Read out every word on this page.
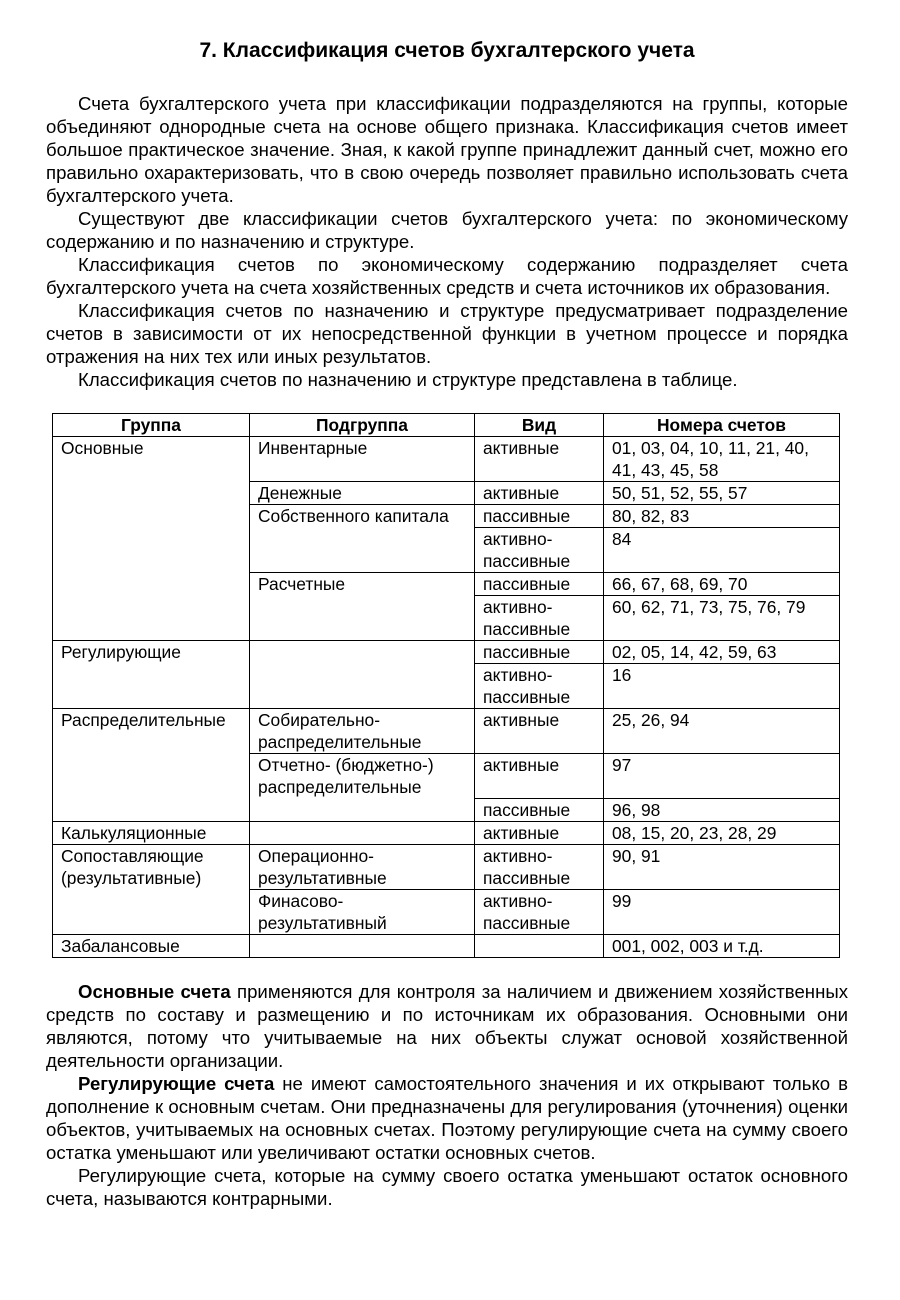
7. Классификация счетов бухгалтерского учета

Счета бухгалтерского учета при классификации подразделяются на группы, которые объединяют однородные счета на основе общего признака. Классификация счетов имеет большое практическое значение. Зная, к какой группе принадлежит данный счет, можно его правильно охарактеризовать, что в свою очередь позволяет правильно использовать счета бухгалтерского учета.

Существуют две классификации счетов бухгалтерского учета: по экономическому содержанию и по назначению и структуре.

Классификация счетов по экономическому содержанию подразделяет счета бухгалтерского учета на счета хозяйственных средств и счета источников их образования.

Классификация счетов по назначению и структуре предусматривает подразделение счетов в зависимости от их непосредственной функции в учетном процессе и порядка отражения на них тех или иных результатов.

Классификация счетов по назначению и структуре представлена в таблице.

Группа	Подгруппа	Вид	Номера счетов
Основные	Инвентарные	активные	01, 03, 04, 10, 11, 21, 40, 41, 43, 45, 58
	Денежные	активные	50, 51, 52, 55, 57
	Собственного капитала	пассивные	80, 82, 83
		активно-пассивные	84
	Расчетные	пассивные	66, 67, 68, 69, 70
		активно-пассивные	60, 62, 71, 73, 75, 76, 79
Регулирующие		пассивные	02, 05, 14, 42, 59, 63
		активно-пассивные	16
Распределительные	Собирательно-распределительные	активные	25, 26, 94
	Отчетно- (бюджетно-) распределительные	активные	97
		пассивные	96, 98
Калькуляционные		активные	08, 15, 20, 23, 28, 29
Сопоставляющие (результативные)	Операционно-результативные	активно-пассивные	90, 91
	Финасово-результативный	активно-пассивные	99
Забалансовые			001, 002, 003 и т.д.

Основные счета применяются для контроля за наличием и движением хозяйственных средств по составу и размещению и по источникам их образования. Основными они являются, потому что учитываемые на них объекты служат основой хозяйственной деятельности организации.

Регулирующие счета не имеют самостоятельного значения и их открывают только в дополнение к основным счетам. Они предназначены для регулирования (уточнения) оценки объектов, учитываемых на основных счетах. Поэтому регулирующие счета на сумму своего остатка уменьшают или увеличивают остатки основных счетов.

Регулирующие счета, которые на сумму своего остатка уменьшают остаток основного счета, называются контрарными.
